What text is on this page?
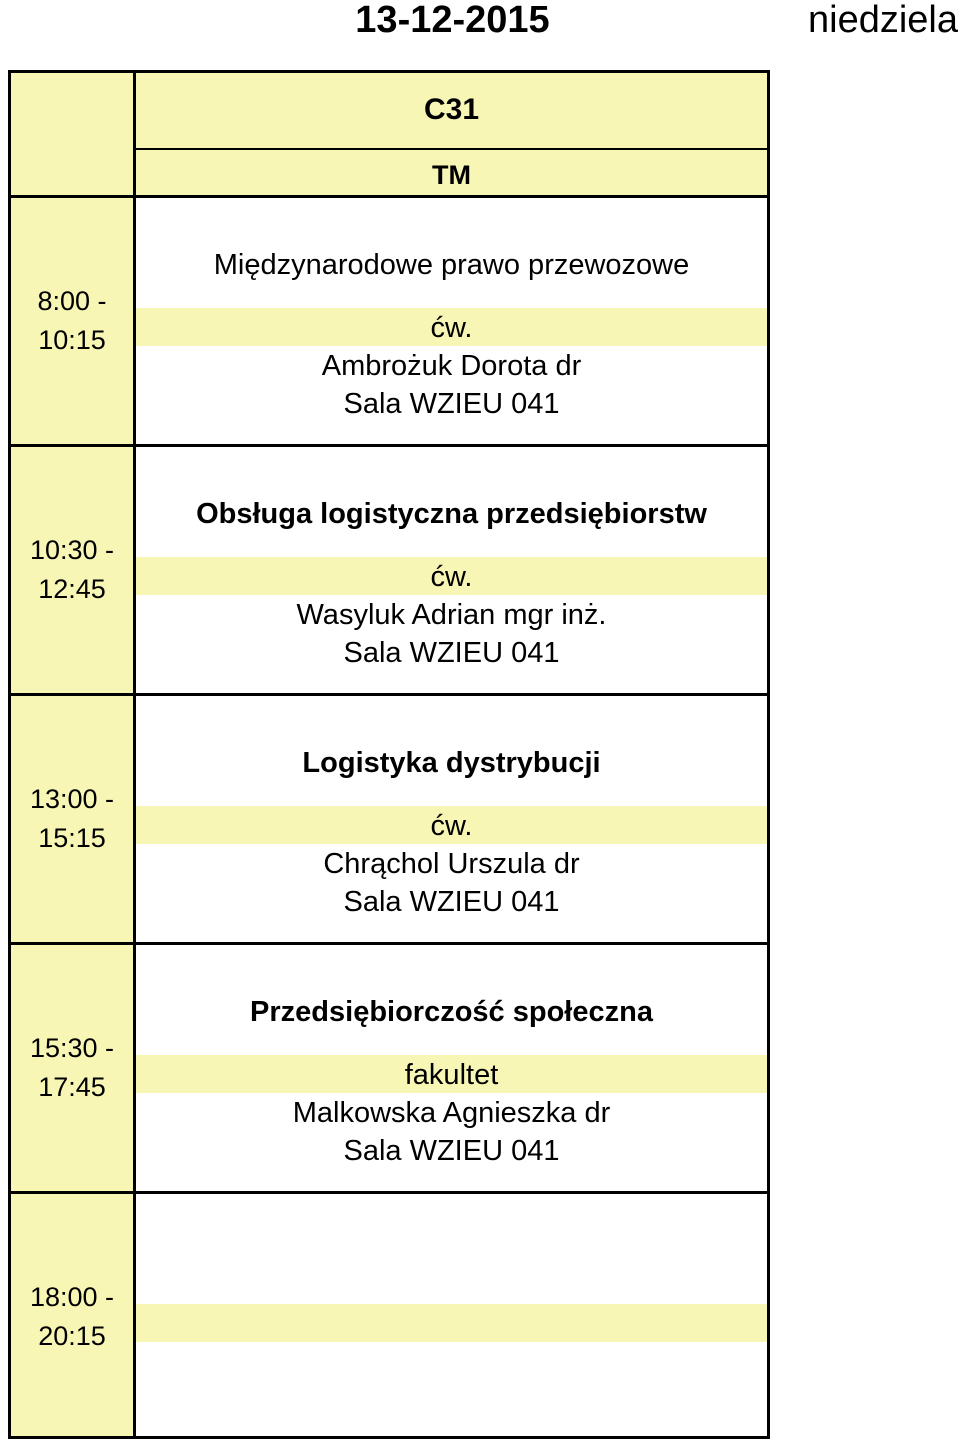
13-12-2015	niedziela
C31
TM
8:00 -
10:15
Międzynarodowe prawo przewozowe
ćw.
Ambrożuk Dorota dr
Sala WZIEU 041
10:30 -
12:45
Obsługa logistyczna przedsiębiorstw
ćw.
Wasyluk Adrian mgr inż.
Sala WZIEU 041
13:00 -
15:15
Logistyka dystrybucji
ćw.
Chrąchol Urszula dr
Sala WZIEU 041
15:30 -
17:45
Przedsiębiorczość społeczna
fakultet
Malkowska Agnieszka dr
Sala WZIEU 041
18:00 -
20:15
